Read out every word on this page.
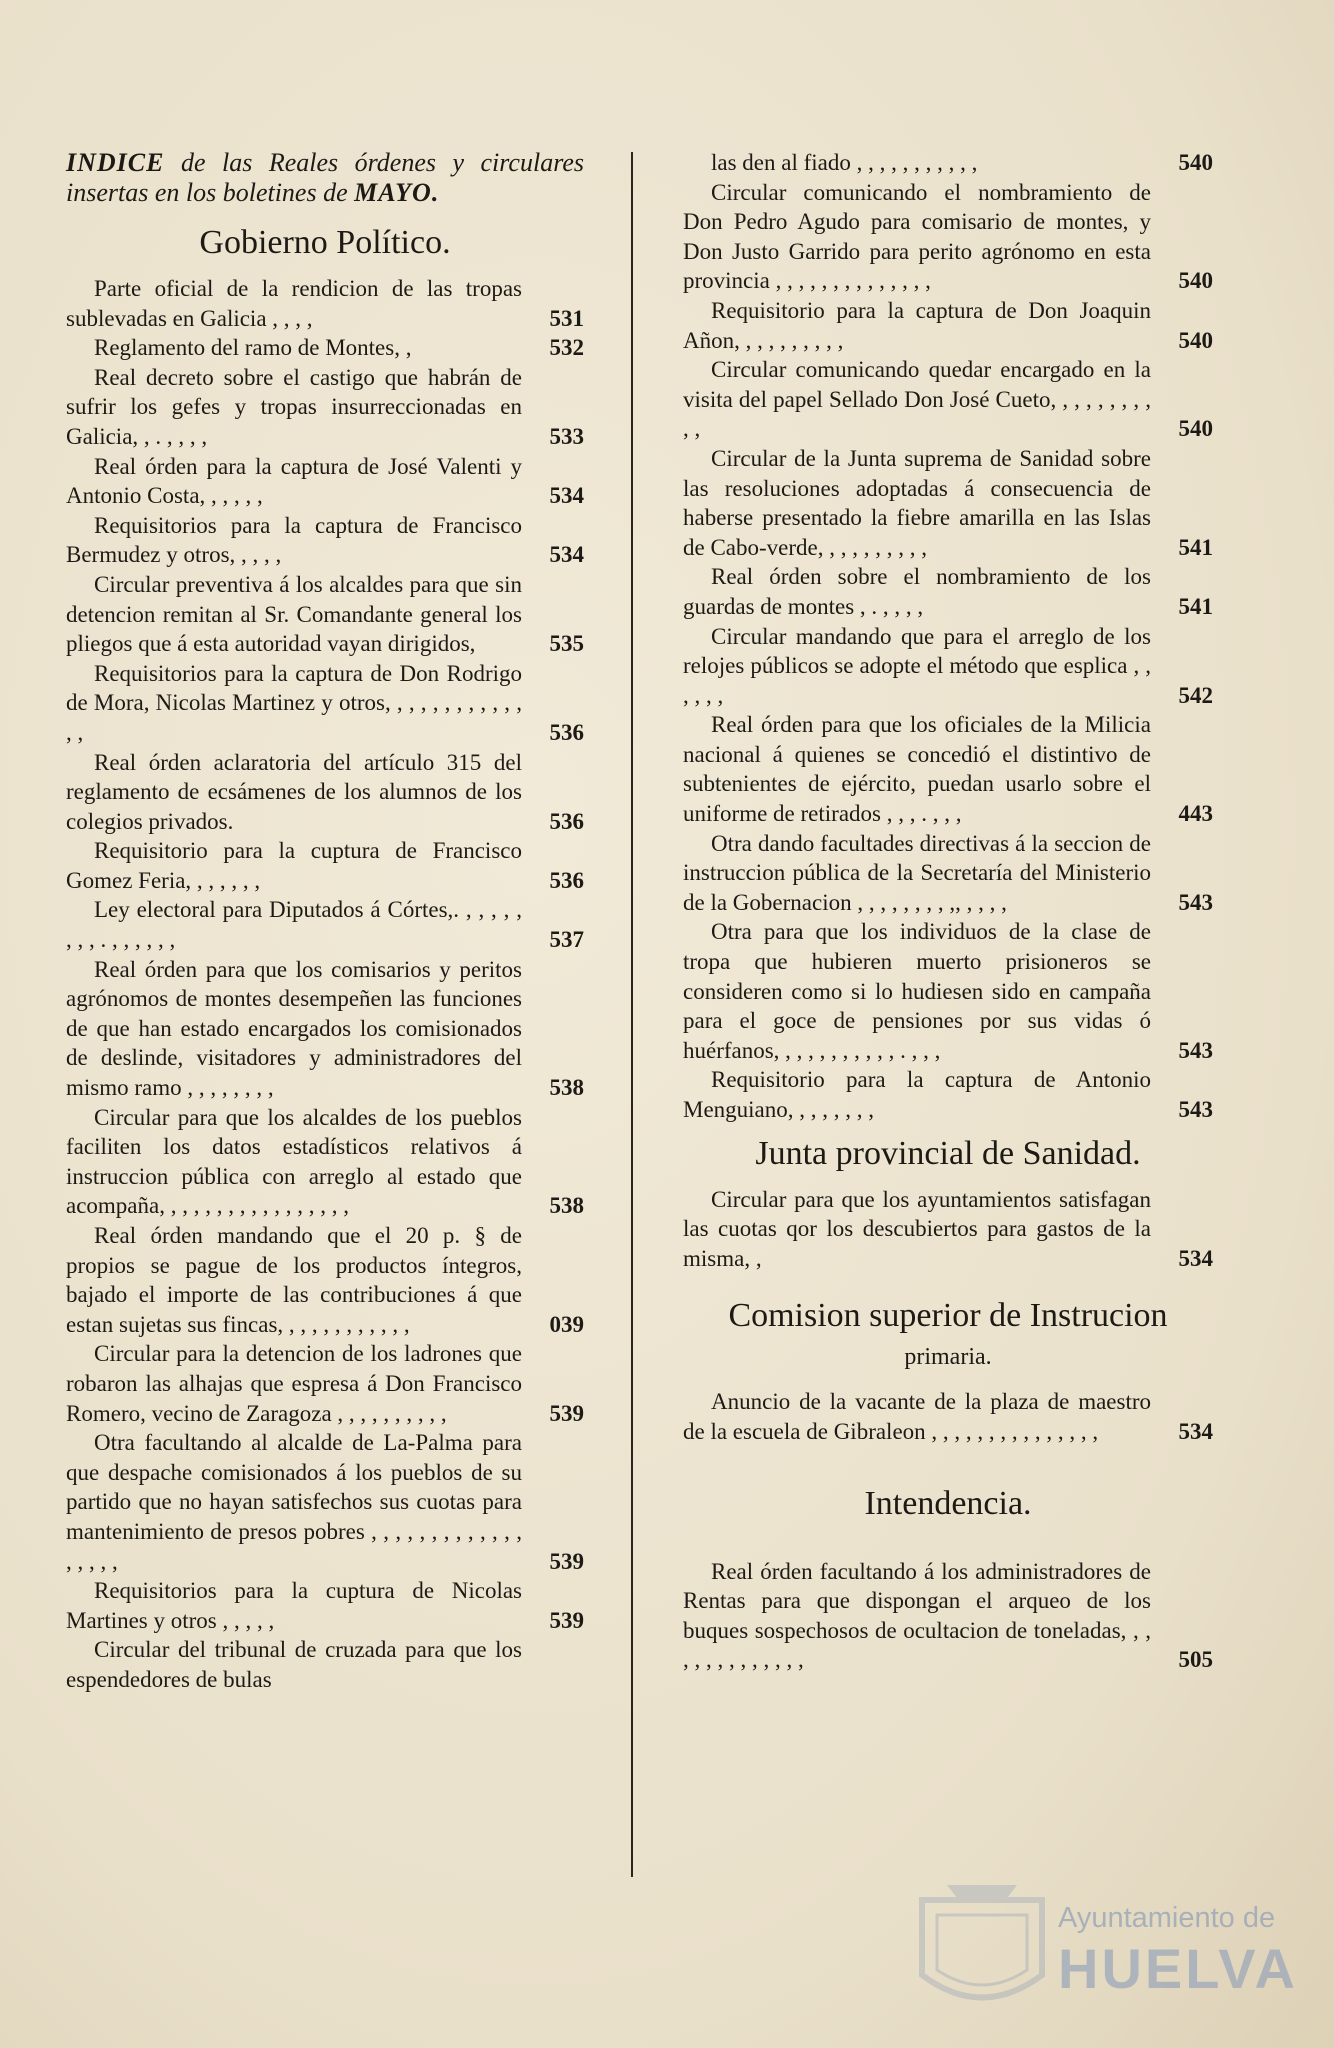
INDICE de las Reales órdenes y circulares insertas en los boletines de MAYO.

Gobierno Político.
Parte oficial de la rendicion de las tropas sublevadas en Galicia , , , ,	531
Reglamento del ramo de Montes, ,	532
Real decreto sobre el castigo que habrán de sufrir los gefes y tropas insurreccionadas en Galicia, , . , , , ,	533
Real órden para la captura de José Valenti y Antonio Costa, , , , , ,	534
Requisitorios para la captura de Francisco Bermudez y otros, , , , ,	534
Circular preventiva á los alcaldes para que sin detencion remitan al Sr. Comandante general los pliegos que á esta autoridad vayan dirigidos,	535
Requisitorios para la captura de Don Rodrigo de Mora, Nicolas Martinez y otros, , , , , , , , , , , , , ,	536
Real órden aclaratoria del artículo 315 del reglamento de ecsámenes de los alumnos de los colegios privados.	536
Requisitorio para la cuptura de Francisco Gomez Feria, , , , , , ,	536
Ley electoral para Diputados á Córtes,. , , , , , , , , . , , , , , ,	537
Real órden para que los comisarios y peritos agrónomos de montes desempeñen las funciones de que han estado encargados los comisionados de deslinde, visitadores y administradores del mismo ramo , , , , , , , ,	538
Circular para que los alcaldes de los pueblos faciliten los datos estadísticos relativos á instruccion pública con arreglo al estado que acompaña, , , , , , , , , , , , , , , , ,	538
Real órden mandando que el 20 p. § de propios se pague de los productos íntegros, bajado el importe de las contribuciones á que estan sujetas sus fincas, , , , , , , , , , , ,	039
Circular para la detencion de los ladrones que robaron las alhajas que espresa á Don Francisco Romero, vecino de Zaragoza , , , , , , , , , ,	539
Otra facultando al alcalde de La-Palma para que despache comisionados á los pueblos de su partido que no hayan satisfechos sus cuotas para mantenimiento de presos pobres , , , , , , , , , , , , , , , , , ,	539
Requisitorios para la cuptura de Nicolas Martines y otros , , , , ,	539
Circular del tribunal de cruzada para que los espendedores de bulas
las den al fiado , , , , , , , , , , ,	540
Circular comunicando el nombramiento de Don Pedro Agudo para comisario de montes, y Don Justo Garrido para perito agrónomo en esta provincia , , , , , , , , , , , , , ,	540
Requisitorio para la captura de Don Joaquin Añon, , , , , , , , , ,	540
Circular comunicando quedar encargado en la visita del papel Sellado Don José Cueto, , , , , , , , , , ,	540
Circular de la Junta suprema de Sanidad sobre las resoluciones adoptadas á consecuencia de haberse presentado la fiebre amarilla en las Islas de Cabo-verde, , , , , , , , , ,	541
Real órden sobre el nombramiento de los guardas de montes , . , , , ,	541
Circular mandando que para el arreglo de los relojes públicos se adopte el método que esplica , , , , , ,	542
Real órden para que los oficiales de la Milicia nacional á quienes se concedió el distintivo de subtenientes de ejército, puedan usarlo sobre el uniforme de retirados , , , . , , ,	443
Otra dando facultades directivas á la seccion de instruccion pública de la Secretaría del Ministerio de la Gobernacion , , , , , , , , ,, , , , ,	543
Otra para que los individuos de la clase de tropa que hubieren muerto prisioneros se consideren como si lo hudiesen sido en campaña para el goce de pensiones por sus vidas ó huérfanos, , , , , , , , , , , . , , ,	543
Requisitorio para la captura de Antonio Menguiano, , , , , , , ,	543
Junta provincial de Sanidad.
Circular para que los ayuntamientos satisfagan las cuotas qor los descubiertos para gastos de la misma, ,	534
Comision superior de Instrucion
primaria.
Anuncio de la vacante de la plaza de maestro de la escuela de Gibraleon , , , , , , , , , , , , , , ,	534
Intendencia.
Real órden facultando á los administradores de Rentas para que dispongan el arqueo de los buques sospechosos de ocultacion de toneladas, , , , , , , , , , , , , ,	505
Ayuntamiento de
HUELVA
